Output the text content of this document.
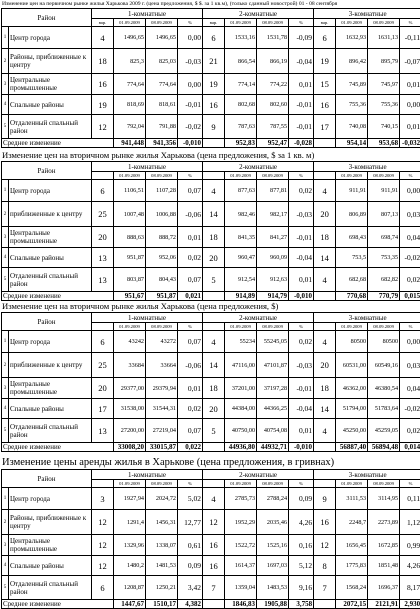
Изменение цен на первичном рынке жилья Харькова 2009 г. (цена предложения, $ $. за 1 кв.м), (только сданный новострой) 01 - 08 сентября
Район		1-комнатные				2-комнатные				3-комнатные			
		вар.	01.09.2009	08.09.2009	%	вар.	01.09.2009	08.09.2009	%	вар.	01.09.2009	08.09.2009	%
1	Центр города	4	1496,65	1496,65	0,00	6	1533,16	1531,78	-0,09	6	1632,93	1631,13	-0,11
2	Районы, приближенные к центру	18	825,3	825,03	-0,03	21	866,54	866,19	-0,04	19	896,42	895,79	-0,07
3	Центральные промышленные	16	774,64	774,64	0,00	19	774,14	774,22	0,01	15	745,89	745,97	0,01
4	Спальные районы	19	818,69	818,61	-0,01	16	802,68	802,60	-0,01	16	755,36	755,36	0,00
5	Отдаленный спальный район	12	792,04	791,88	-0,02	9	787,63	787,55	-0,01	17	740,08	740,15	0,01
Среднее изменение			941,448	941,356	-0,010		952,83	952,47	-0,028		954,14	953,68	-0,032
Изменение цен на вторичном рынке жилья Харькова (цена предложения, $ за 1 кв. м)
Район		1-комнатные				2-комнатные				3-комнатные			
			01.09.2009	08.09.2009	%		01.09.2009	08.09.2009	%		01.09.2009	08.09.2009	%
1	Центр города	6	1106,51	1107,28	0,07	4	877,63	877,81	0,02	4	911,91	911,91	0,00
2	приближенные к центру	25	1007,48	1006,88	-0,06	14	982,46	982,17	-0,03	20	806,89	807,13	0,03
3	Центральные промышленные	20	888,63	888,72	0,01	18	841,35	841,27	-0,01	18	698,43	698,74	0,04
4	Спальные районы	13	951,87	952,06	0,02	20	960,47	960,09	-0,04	14	753,5	753,35	-0,02
5	Отдаленный спальный район	13	803,87	804,43	0,07	5	912,54	912,63	0,01	4	682,68	682,82	0,02
Среднее изменение			951,67	951,87	0,021		914,89	914,79	-0,010		770,68	770,79	0,015
Изменение цен на вторичном рынке жилья Харькова (цена предложения, $)
Район		1-комнатные				2-комнатные				3-комнатные			
			01.09.2009	08.09.2009	%		01.09.2009	08.09.2009	%		01.09.2009	08.09.2009	%
1	Центр города	6	43242	43272	0,07	4	55234	55245,05	0,02	4	80500	80500	0,00
2	приближенные к центру	25	33684	33664	-0,06	14	47116,00	47101,87	-0,03	20	60531,00	60549,16	0,03
3	Центральные промышленные	20	29377,00	29379,94	0,01	18	37201,00	37197,28	-0,01	18	46362,00	46380,54	0,04
4	Спальные районы	17	31538,00	31544,31	0,02	20	44384,00	44366,25	-0,04	14	51794,00	51783,64	-0,02
5	Отдаленный спальный район	13	27200,00	27219,04	0,07	5	40750,00	40754,08	0,01	4	45250,00	45259,05	0,02
Среднее изменение			33008,20	33015,87	0,022		44936,80	44932,71	-0,010		56887,40	56894,48	0,014
Изменение цены аренды жилья в Харькове (цена предложения, в гривнах)
Район		1-комнатные				2-комнатные				3-комнатные			
			01.09.2009	08.09.2009	%		01.09.2009	08.09.2009	%		01.09.2009	08.09.2009	%
1	Центр города	3	1927,94	2024,72	5,02	4	2785,73	2788,24	0,09	9	3111,53	3114,95	0,11
2	Районы, приближенные к центру	12	1291,4	1456,31	12,77	12	1952,29	2035,46	4,26	16	2248,7	2273,89	1,12
3	Центральные промышленные	12	1329,96	1338,07	0,61	16	1522,72	1525,16	0,16	12	1656,45	1672,85	0,99
4	Спальные районы	12	1480,2	1481,53	0,09	16	1614,37	1697,03	5,12	8	1775,83	1851,48	4,26
5	Отдаленный спальный район	6	1208,87	1250,21	3,42	7	1359,04	1483,53	9,16	7	1568,24	1696,37	8,17
Среднее изменение			1447,67	1510,17	4,382		1846,83	1905,88	3,758		2072,15	2121,91	2,930
